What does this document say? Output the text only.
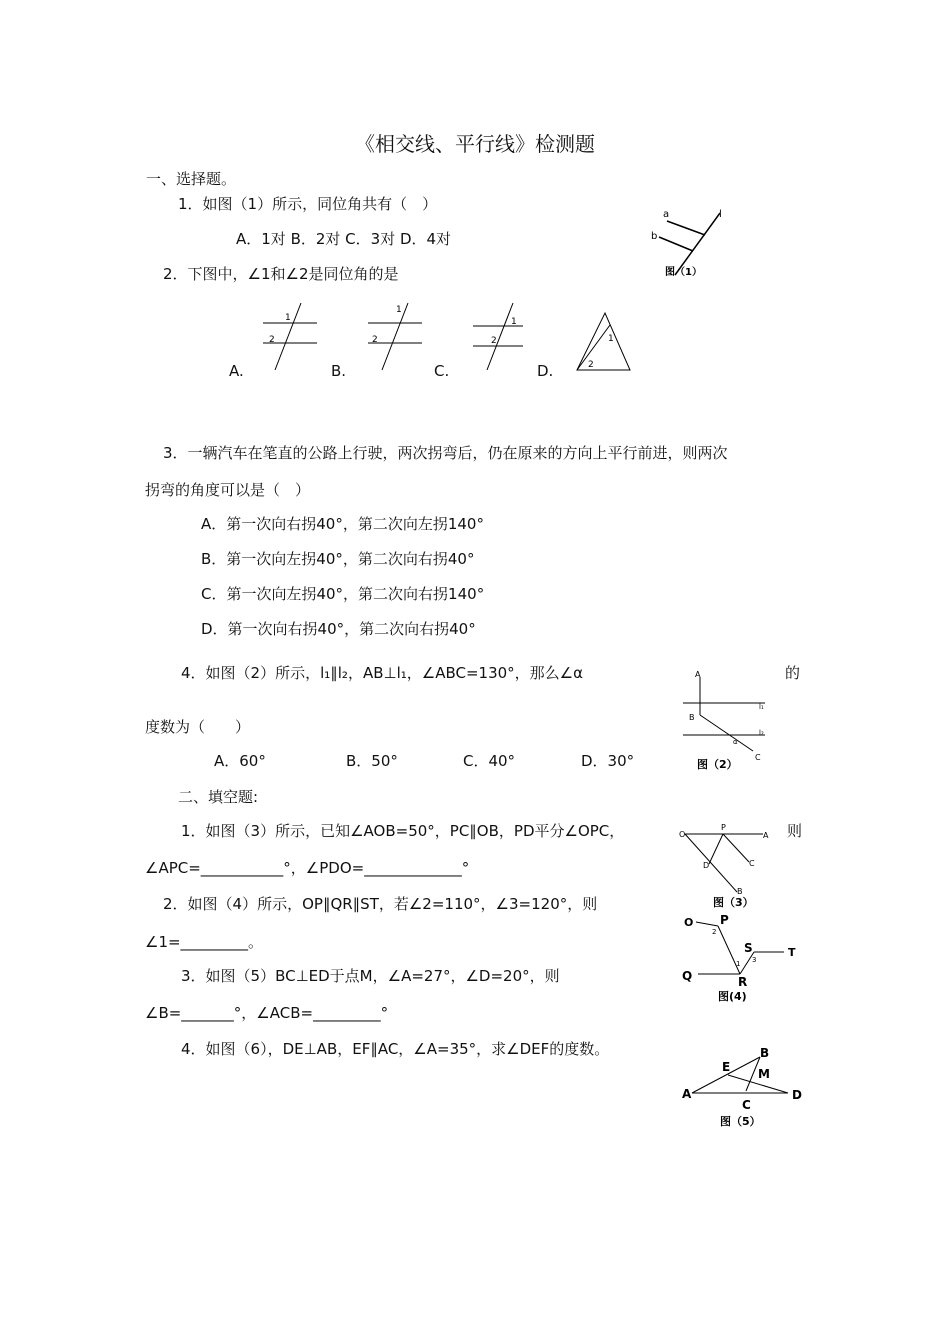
《相交线、平行线》检测题
一、选择题。
1．如图（1）所示，同位角共有（　）
A．1对 B．2对 C．3对 D．4对
a
b
l
图（1）
2．下图中，∠1和∠2是同位角的是
A.	B.	C.	D.
1
2
1
2
1
2	1
2
3．一辆汽车在笔直的公路上行驶，两次拐弯后，仍在原来的方向上平行前进，则两次
拐弯的角度可以是（　）
A．第一次向右拐40°，第二次向左拐140°
B．第一次向左拐40°，第二次向右拐40°
C．第一次向左拐40°，第二次向右拐140°
D．第一次向右拐40°，第二次向右拐40°
4．如图（2）所示，l₁∥l₂，AB⊥l₁，∠ABC=130°，那么∠α	的
度数为（　　）
A．60°	B．50°	C．40°	D．30°
A
B
l₁
l₂
C
α
图（2）
二、填空题:
1．如图（3）所示，已知∠AOB=50°，PC∥OB，PD平分∠OPC，	则
∠APC=___________°，∠PDO=_____________°
O
P
A
D	C
B
图（3）
2．如图（4）所示，OP∥QR∥ST，若∠2=110°，∠3=120°，则
∠1=_________。
O P
S	T
Q	R
1
2
3
图(4)
3．如图（5）BC⊥ED于点M，∠A=27°，∠D=20°，则
∠B=_______°，∠ACB=_________°
4．如图（6），DE⊥AB，EF∥AC，∠A=35°，求∠DEF的度数。
E
B
M
A
C
D
图（5）
